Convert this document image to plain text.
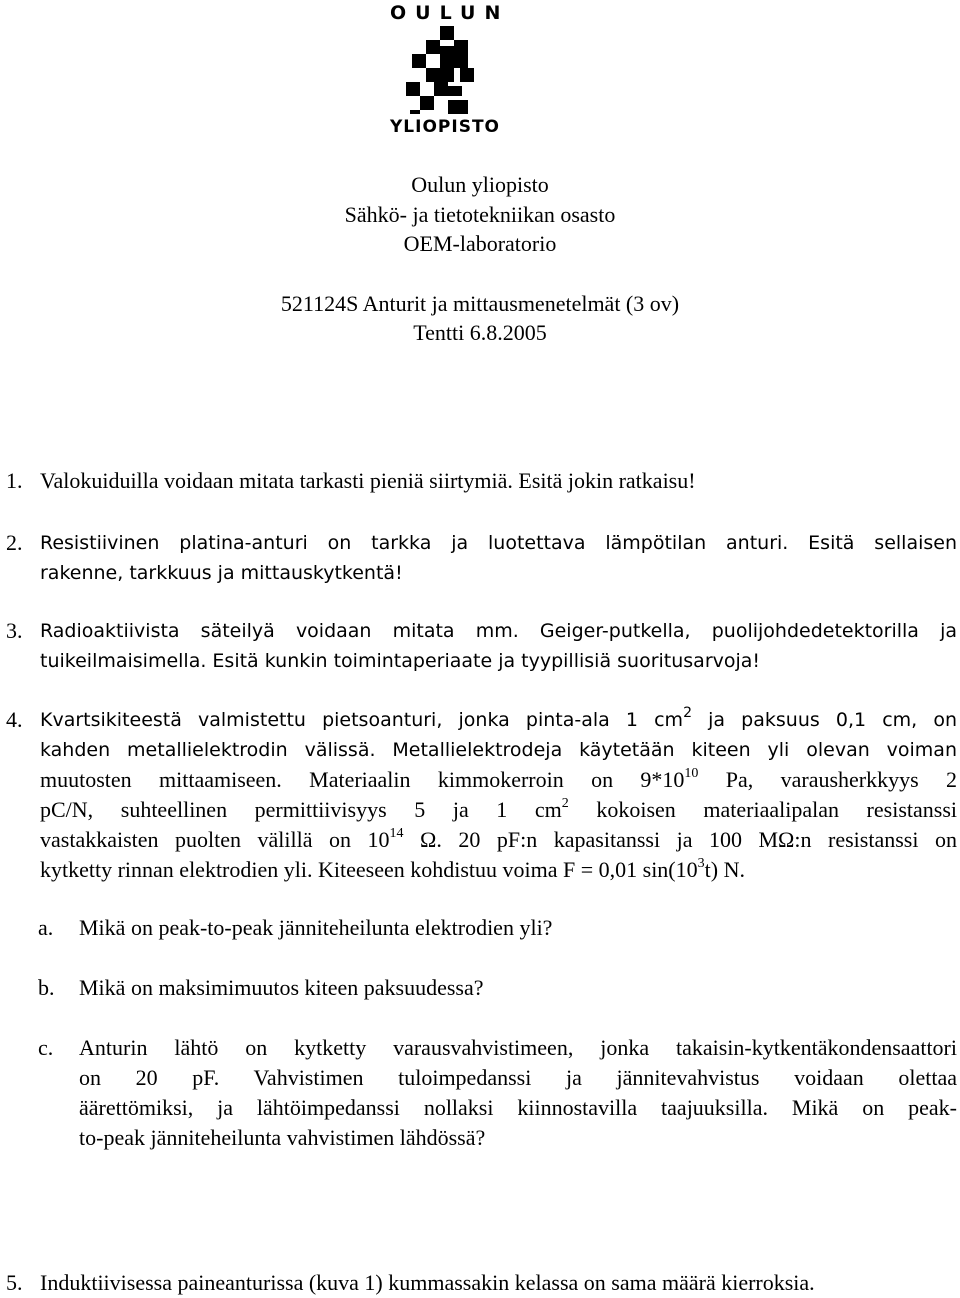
OULUN
YLIOPISTO
Oulun yliopisto
Sähkö- ja tietotekniikan osasto
OEM-laboratorio
521124S Anturit ja mittausmenetelmät (3 ov)
Tentti 6.8.2005
1. Valokuiduilla voidaan mitata tarkasti pieniä siirtymiä. Esitä jokin ratkaisu!
2. Resistiivinen platina-anturi on tarkka ja luotettava lämpötilan anturi. Esitä sellaisen
rakenne, tarkkuus ja mittauskytkentä!
3. Radioaktiivista säteilyä voidaan mitata mm. Geiger-putkella, puolijohdedetektorilla ja
tuikeilmaisimella. Esitä kunkin toimintaperiaate ja tyypillisiä suoritusarvoja!
4. Kvartsikiteestä valmistettu pietsoanturi, jonka pinta-ala 1 $cm^2$ ja paksuus 0,1 cm, on
kahden metallielektrodin välissä. Metallielektrodeja käytetään kiteen yli olevan voiman
muutosten mittaamiseen. Materiaalin kimmokerroin on $9*10^{10}$ Pa, varausherkkyys 2
pC/N, suhteellinen permittiivisyys 5 ja 1 $cm^2$ kokoisen materiaalipalan resistanssi
vastakkaisten puolten välillä on $10^{14}$ Ω. 20 pF:n kapasitanssi ja 100 MΩ:n resistanssi on
kytketty rinnan elektrodien yli. Kiteeseen kohdistuu voima F = 0,01 $\sin(10^3t)$ N.
a. Mikä on peak-to-peak jänniteheilunta elektrodien yli?
b. Mikä on maksimimuutos kiteen paksuudessa?
c. Anturin lähtö on kytketty varausvahvistimeen, jonka takaisin-kytkentäkondensaattori
on 20 pF. Vahvistimen tuloimpedanssi ja jännitevahvistus voidaan olettaa
äärettömiksi, ja lähtöimpedanssi nollaksi kiinnostavilla taajuuksilla. Mikä on peak-
to-peak jänniteheilunta vahvistimen lähdössä?
5. Induktiivisessa paineanturissa (kuva 1) kummassakin kelassa on sama määrä kierroksia.
